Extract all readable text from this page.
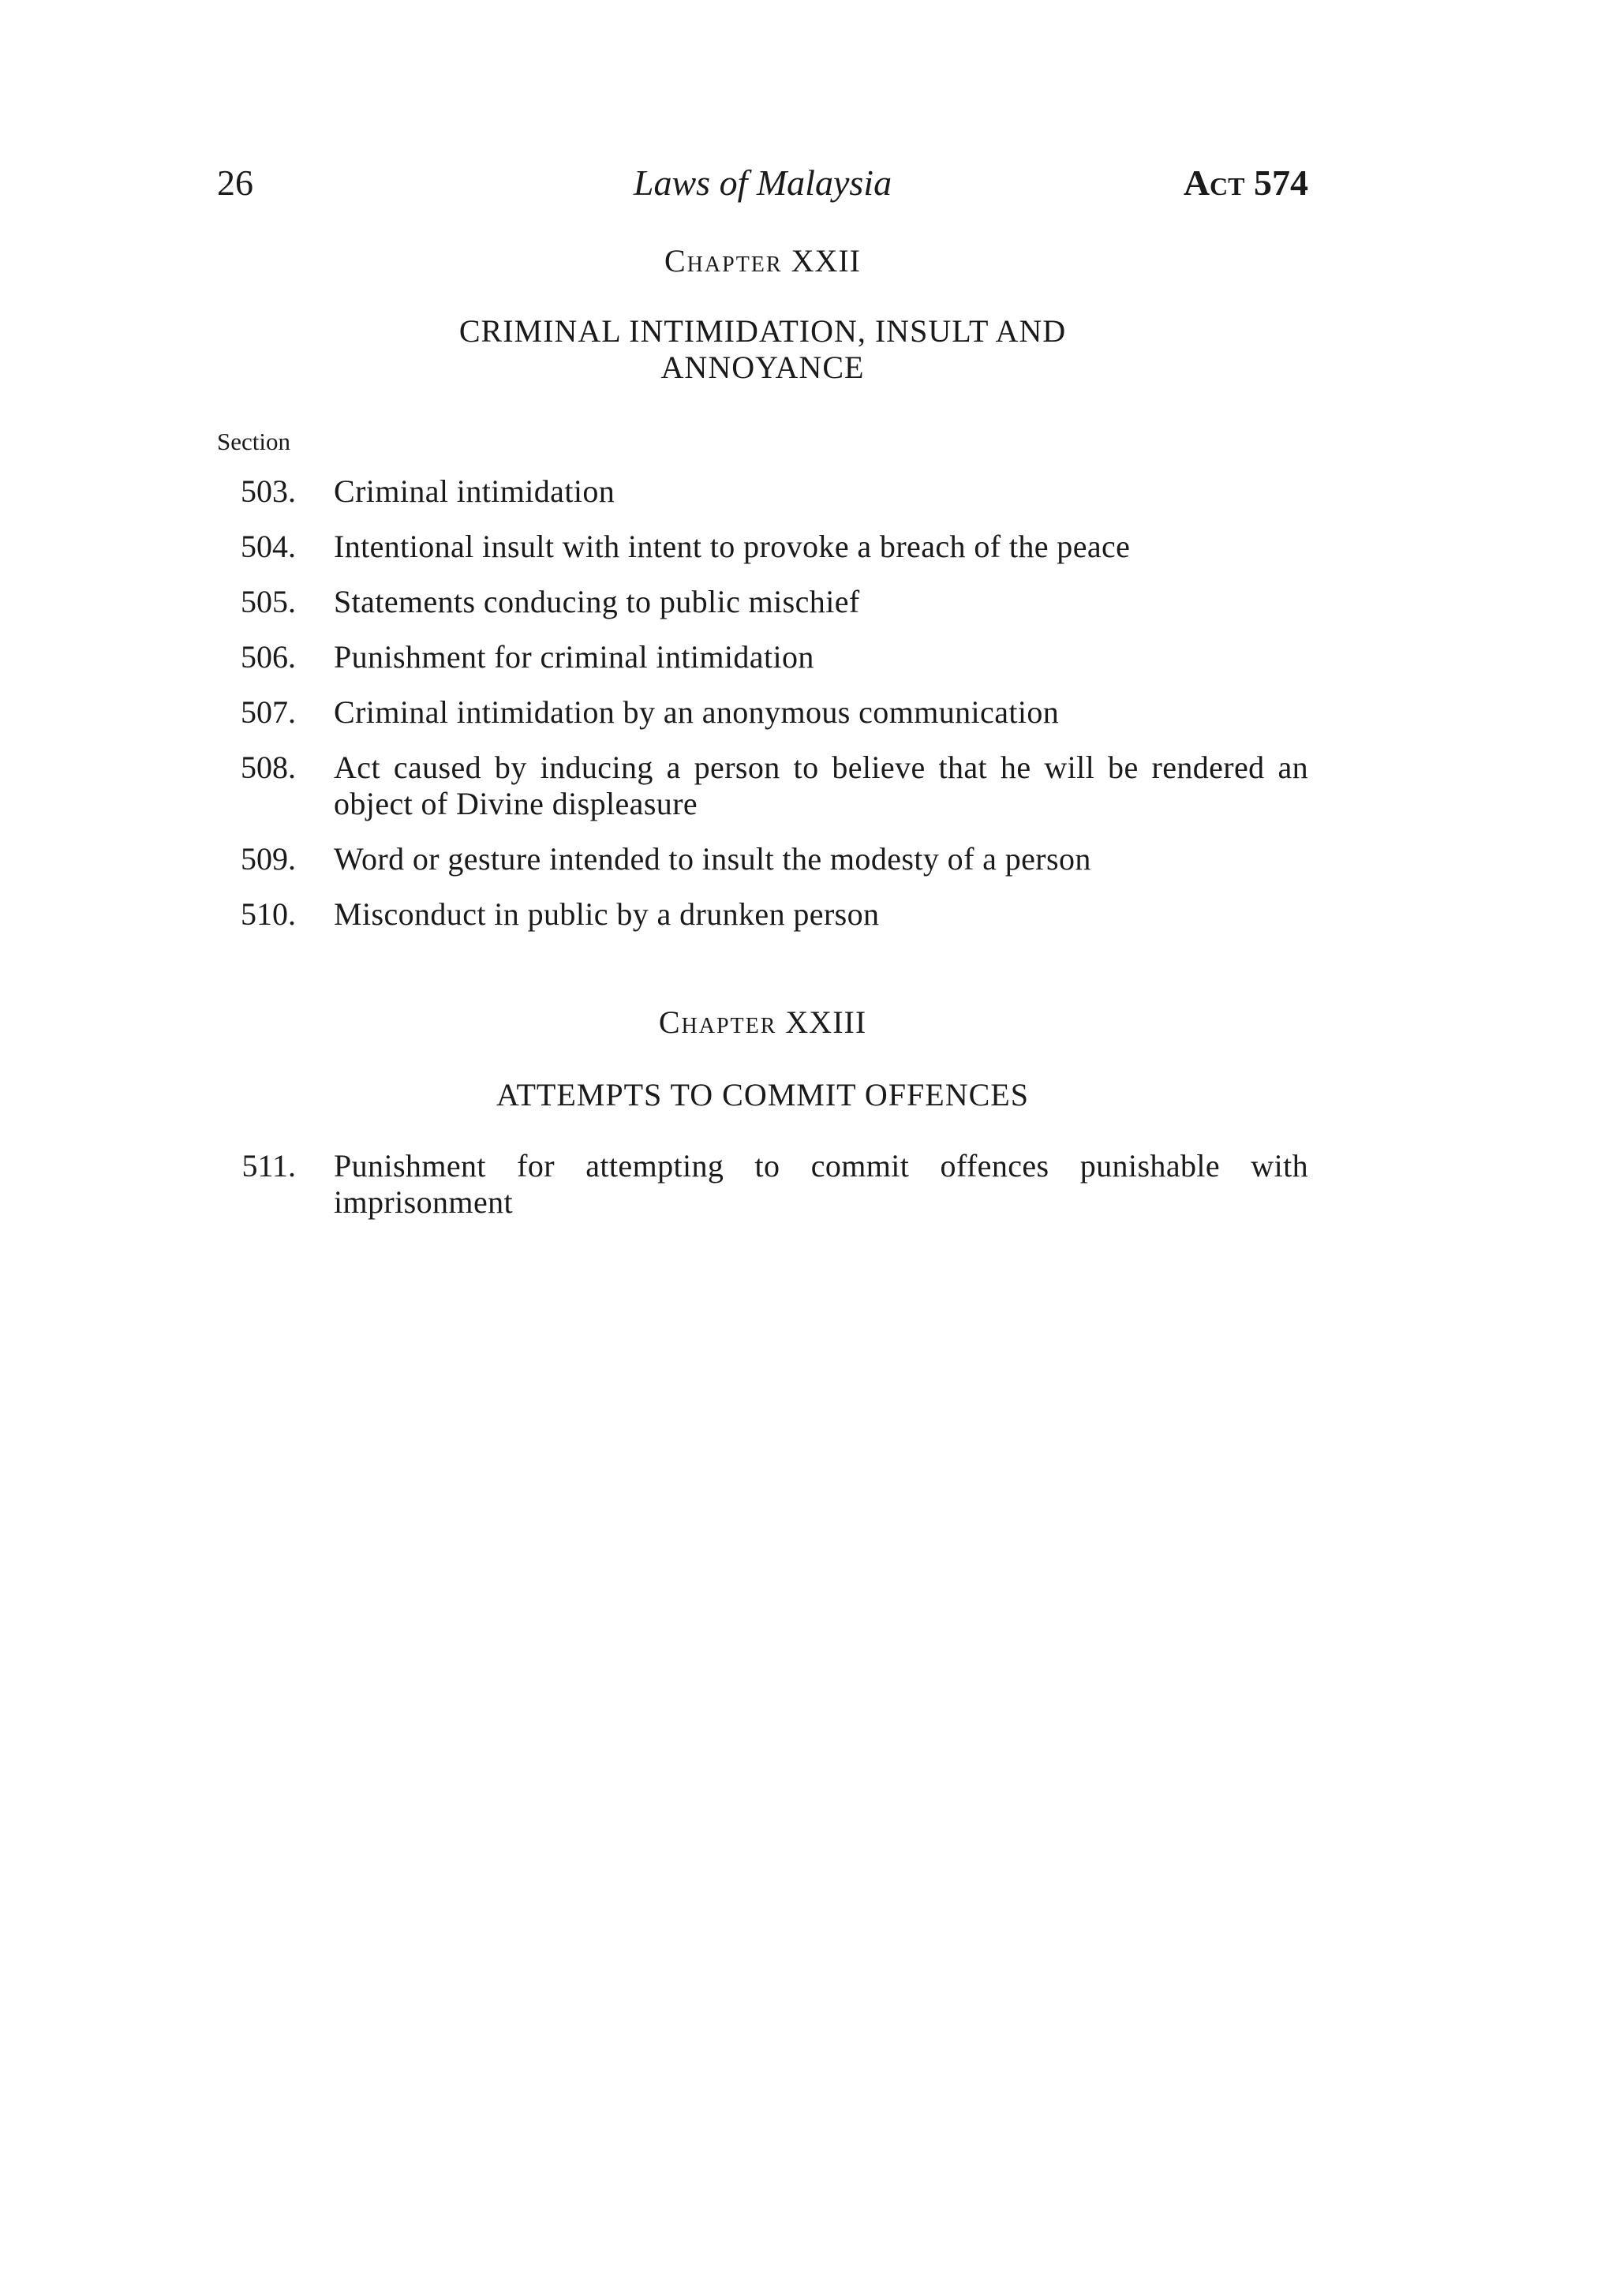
26	Laws of Malaysia	Act 574
Chapter XXII
CRIMINAL INTIMIDATION, INSULT AND
ANNOYANCE
Section
503. Criminal intimidation
504. Intentional insult with intent to provoke a breach of the peace
505. Statements conducing to public mischief
506. Punishment for criminal intimidation
507. Criminal intimidation by an anonymous communication
508. Act caused by inducing a person to believe that he will be rendered an object of Divine displeasure
509. Word or gesture intended to insult the modesty of a person
510. Misconduct in public by a drunken person
Chapter XXIII
ATTEMPTS TO COMMIT OFFENCES
511. Punishment for attempting to commit offences punishable with imprisonment
